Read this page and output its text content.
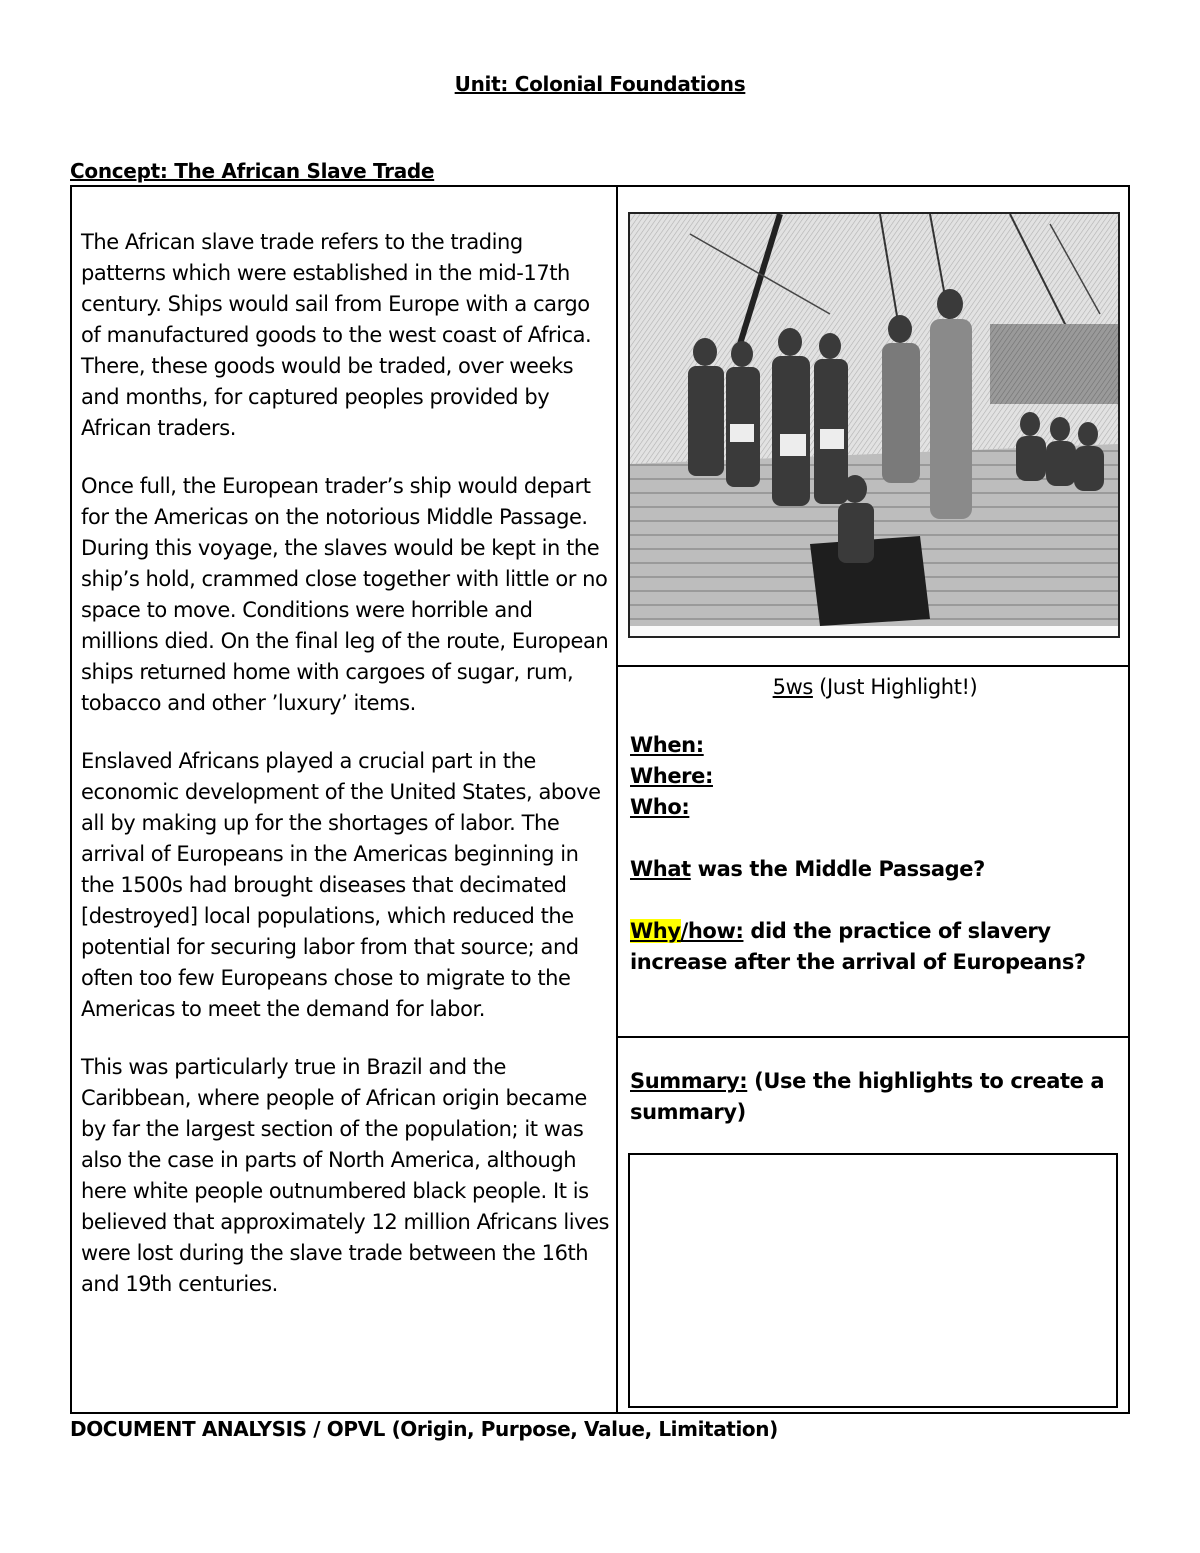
Unit: Colonial Foundations
Concept: The African Slave Trade

The African slave trade refers to the trading patterns which were established in the mid-17th century. Ships would sail from Europe with a cargo of manufactured goods to the west coast of Africa. There, these goods would be traded, over weeks and months, for captured peoples provided by African traders.

Once full, the European trader’s ship would depart for the Americas on the notorious Middle Passage. During this voyage, the slaves would be kept in the ship’s hold, crammed close together with little or no space to move. Conditions were horrible and millions died. On the final leg of the route, European ships returned home with cargoes of sugar, rum, tobacco and other ’luxury’ items.

Enslaved Africans played a crucial part in the economic development of the United States, above all by making up for the shortages of labor. The arrival of Europeans in the Americas beginning in the 1500s had brought diseases that decimated [destroyed] local populations, which reduced the potential for securing labor from that source; and often too few Europeans chose to migrate to the Americas to meet the demand for labor.

This was particularly true in Brazil and the Caribbean, where people of African origin became by far the largest section of the population; it was also the case in parts of North America, although here white people outnumbered black people. It is believed that approximately 12 million Africans lives were lost during the slave trade between the 16th and 19th centuries.

5ws (Just Highlight!)
When:
Where:
Who:
What was the Middle Passage?
Why/how: did the practice of slavery increase after the arrival of Europeans?
Summary: (Use the highlights to create a summary)
DOCUMENT ANALYSIS / OPVL (Origin, Purpose, Value, Limitation)
